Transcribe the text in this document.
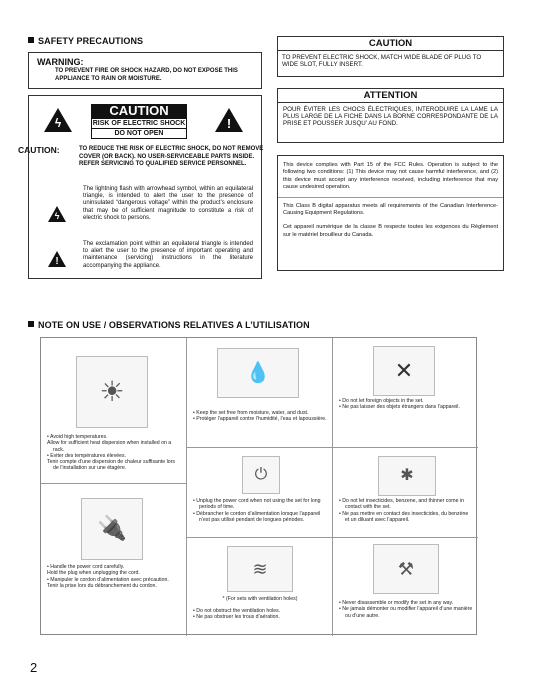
SAFETY PRECAUTIONS
WARNING:
TO PREVENT FIRE OR SHOCK HAZARD, DO NOT EXPOSE THIS APPLIANCE TO RAIN OR MOISTURE.
ϟ
CAUTION
RISK OF ELECTRIC SHOCK
DO NOT OPEN
!
CAUTION:	TO REDUCE THE RISK OF ELECTRIC SHOCK, DO NOT REMOVE COVER (OR BACK). NO USER-SERVICEABLE PARTS INSIDE. REFER SERVICING TO QUALIFIED SERVICE PERSONNEL.
ϟ
The lightning flash with arrowhead symbol, within an equilateral triangle, is intended to alert the user to the presence of uninsulated “dangerous voltage” within the product’s enclosure that may be of sufficient magnitude to constitute a risk of electric shock to persons.
!
The exclamation point within an equilateral triangle is intended to alert the user to the presence of important operating and maintenance (servicing) instructions in the literature accompanying the appliance.
CAUTION
TO PREVENT ELECTRIC SHOCK, MATCH WIDE BLADE OF PLUG TO WIDE SLOT, FULLY INSERT.
ATTENTION
POUR ÉVITER LES CHOCS ÉLECTRIQUES, INTERODUIRE LA LAME LA PLUS LARGE DE LA FICHE DANS LA BORNE CORRESPONDANTE DE LA PRISE ET POUSSER JUSQU' AU FOND.
This device complies with Part 15 of the FCC Rules. Operation is subject to the following two conditions: (1) This device may not cause harmful interference, and (2) this device must accept any interference received, including interference that may cause undesired operation.
This Class B digital apparatus meets all requirements of the Canadian Interference-Causing Equipment Regulations.
Cet appareil numérique de la classe B respecte toutes les exigences du Règlement sur le matériel brouilleur du Canada.
NOTE ON USE / OBSERVATIONS RELATIVES A L’UTILISATION
☀
• Avoid high temperatures.
Allow for sufficient heat dispersion when installed on a rack.
• Eviter des températures élevées.
Tenir compte d’une dispersion de chaleur suffisante lors de l’installation sur une étagère.
💧
• Keep the set free from moisture, water, and dust.
• Protéger l’appareil contre l’humidité, l’eau et lapoussière.
✕
• Do not let foreign objects in the set.
• Ne pas laisser des objets étrangers dans l’appareil.
🔌
• Handle the power cord carefully.
Hold the plug when unplugging the cord.
• Manipuler le cordon d’alimentation avec précaution.
Tenir la prise lors du débranchement du cordon.
⏻
• Unplug the power cord when not using the set for long periods of time.
• Débrancher le cordon d’alimentation lorsque l’appareil n’est pas utilisé pendant de longues périodes.
✱
• Do not let insecticides, benzene, and thinner come in contact with the set.
• Ne pas mettre en contact des insecticides, du benzène et un diluant avec l’appareil.
≋
* (For sets with ventilation holes)
• Do not obstruct the ventilation holes.
• Ne pas obstruer les trous d’aération.
⚒
• Never disassemble or modify the set in any way.
• Ne jamais démonter ou modifier l’appareil d’une manière ou d’une autre.
2
